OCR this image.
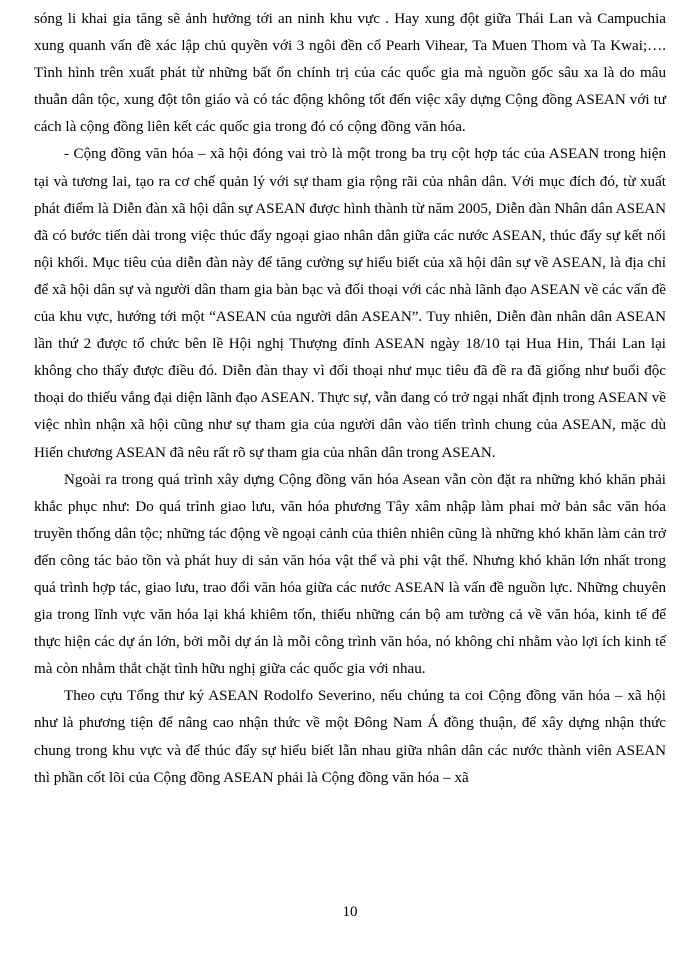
sóng li khai gia tăng sẽ ảnh hưởng tới an ninh khu vực . Hay xung đột giữa Thái Lan và Campuchia xung quanh vấn đề xác lập chủ quyền với 3 ngôi đền cổ Pearh Vihear, Ta Muen Thom và Ta Kwai;…. Tình hình trên xuất phát từ những bất ổn chính trị của các quốc gia mà nguồn gốc sâu xa là do mâu thuẫn dân tộc, xung đột tôn giáo và có tác động không tốt đến việc xây dựng Cộng đồng ASEAN với tư cách là cộng đồng liên kết các quốc gia trong đó có cộng đồng văn hóa.

- Cộng đồng văn hóa – xã hội đóng vai trò là một trong ba trụ cột hợp tác của ASEAN trong hiện tại và tương lai, tạo ra cơ chế quản lý với sự tham gia rộng rãi của nhân dân. Với mục đích đó, từ xuất phát điểm là Diễn đàn xã hội dân sự ASEAN được hình thành từ năm 2005, Diễn đàn Nhân dân ASEAN đã có bước tiến dài trong việc thúc đẩy ngoại giao nhân dân giữa các nước ASEAN, thúc đẩy sự kết nối nội khối. Mục tiêu của diễn đàn này để tăng cường sự hiểu biết của xã hội dân sự về ASEAN, là địa chỉ để xã hội dân sự và người dân tham gia bàn bạc và đối thoại với các nhà lãnh đạo ASEAN về các vấn đề của khu vực, hướng tới một “ASEAN của người dân ASEAN”. Tuy nhiên, Diễn đàn nhân dân ASEAN lần thứ 2 được tổ chức bên lề Hội nghị Thượng đỉnh ASEAN ngày 18/10 tại Hua Hin, Thái Lan lại không cho thấy được điều đó. Diễn đàn thay vì đối thoại như mục tiêu đã đề ra đã giống như buổi độc thoại do thiếu vắng đại diện lãnh đạo ASEAN. Thực sự, vẫn đang có trở ngại nhất định trong ASEAN về việc nhìn nhận xã hội cũng như sự tham gia của người dân vào tiến trình chung của ASEAN, mặc dù Hiến chương ASEAN đã nêu rất rõ sự tham gia của nhân dân trong ASEAN.

Ngoài ra trong quá trình xây dựng Cộng đồng văn hóa Asean vẫn còn đặt ra những khó khăn phải khắc phục như: Do quá trình giao lưu, văn hóa phương Tây xâm nhập làm phai mờ bản sắc văn hóa truyền thống dân tộc; những tác động về ngoại cảnh của thiên nhiên cũng là những khó khăn làm cản trở đến công tác bảo tồn và phát huy di sản văn hóa vật thể và phi vật thể. Nhưng khó khăn lớn nhất trong quá trình hợp tác, giao lưu, trao đổi văn hóa giữa các nước ASEAN là vấn đề nguồn lực. Những chuyên gia trong lĩnh vực văn hóa lại khá khiêm tốn, thiếu những cán bộ am tường cả về văn hóa, kinh tế để thực hiện các dự án lớn, bởi mỗi dự án là mỗi công trình văn hóa, nó không chỉ nhằm vào lợi ích kinh tế mà còn nhằm thắt chặt tình hữu nghị giữa các quốc gia với nhau.

Theo cựu Tổng thư ký ASEAN Rodolfo Severino, nếu chúng ta coi Cộng đồng văn hóa – xã hội như là phương tiện để nâng cao nhận thức về một Đông Nam Á đồng thuận, để xây dựng nhận thức chung trong khu vực và để thúc đẩy sự hiểu biết lẫn nhau giữa nhân dân các nước thành viên ASEAN thì phần cốt lõi của Cộng đồng ASEAN phải là Cộng đồng văn hóa – xã

10
